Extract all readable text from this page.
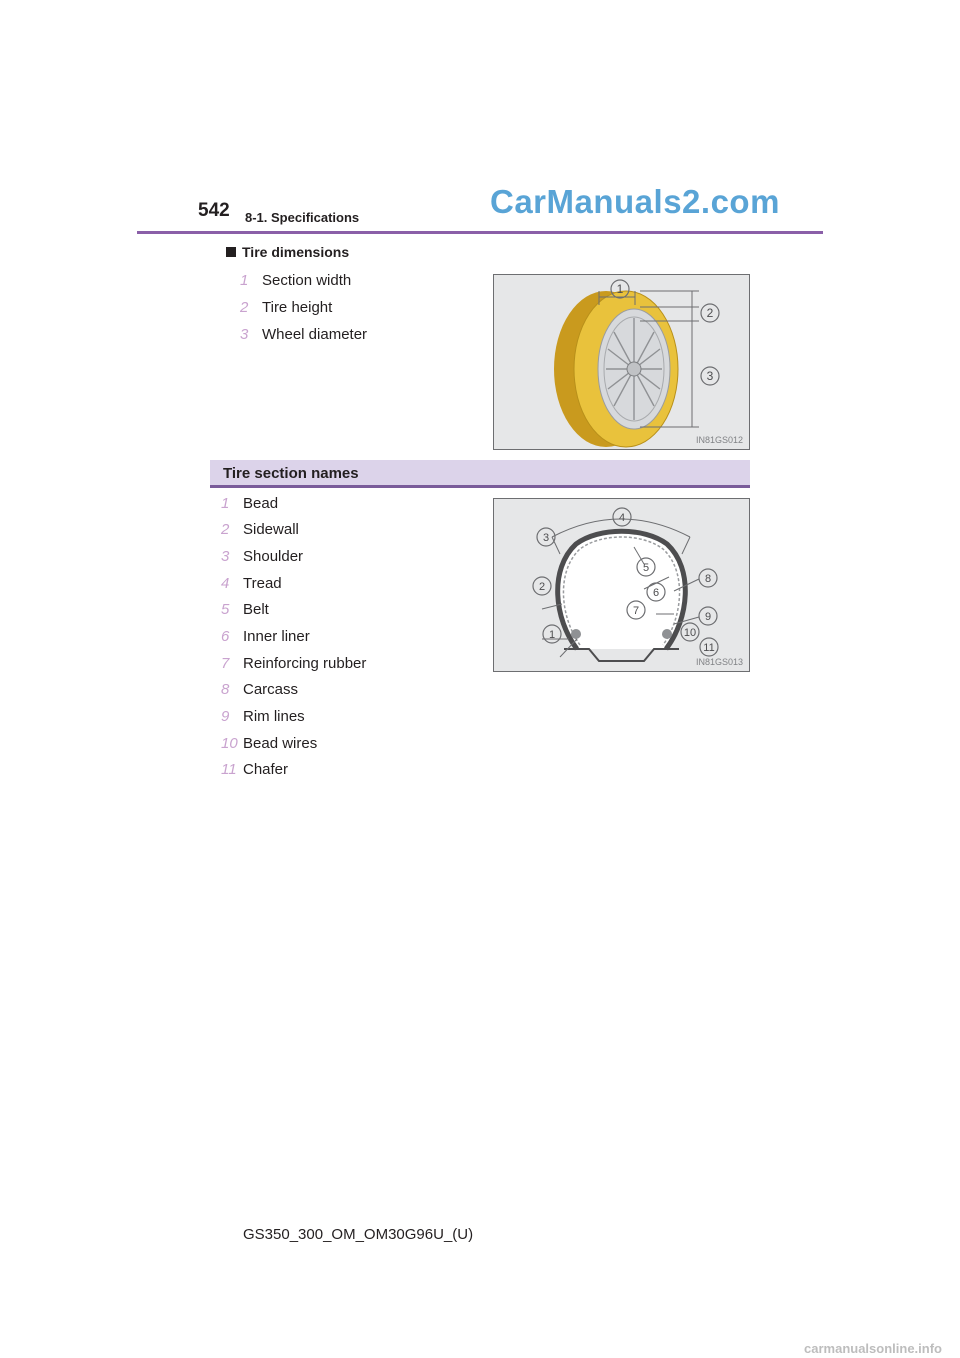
542 8-1. Specifications	CarManuals2.com
Tire dimensions
1 Section width
2 Tire height
3 Wheel diameter
1
2
3
IN81GS012
Tire section names
1 Bead
2 Sidewall
3 Shoulder
4 Tread
5 Belt
6 Inner liner
7 Reinforcing rubber
8 Carcass
9 Rim lines
10 Bead wires
11 Chafer
1
2
3
4
5
6
7
8
9
10
11
IN81GS013
GS350_300_OM_OM30G96U_(U)
carmanualsonline.info
